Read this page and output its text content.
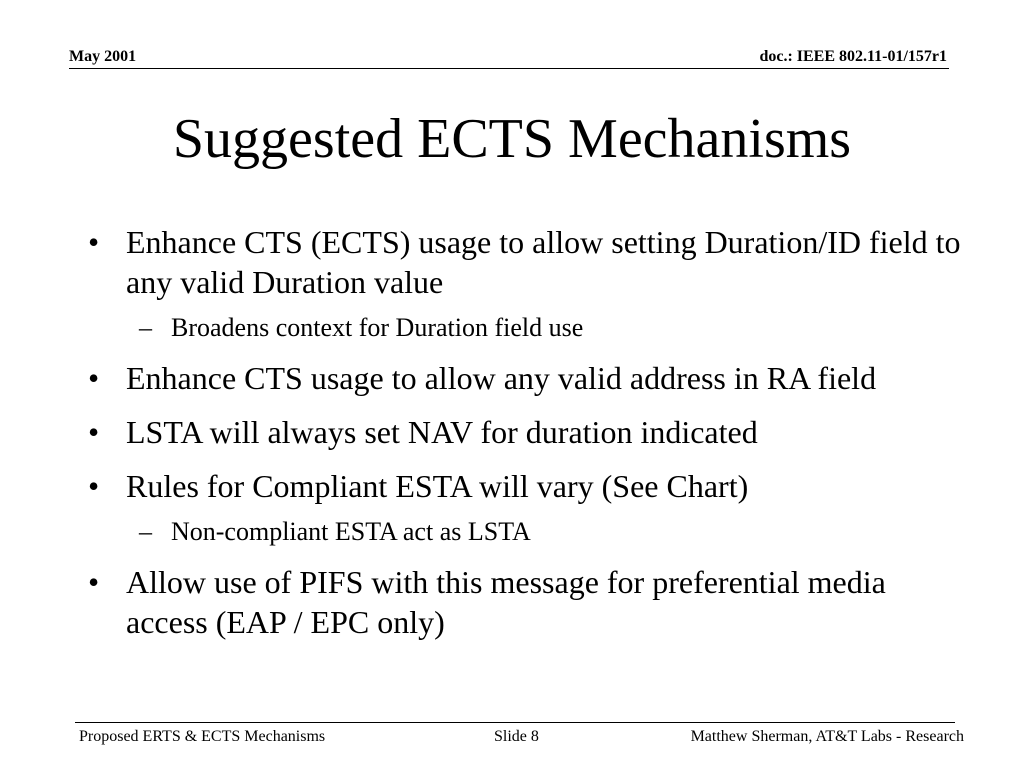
May 2001	doc.: IEEE 802.11-01/157r1
Suggested ECTS Mechanisms
• Enhance CTS (ECTS) usage to allow setting Duration/ID field to any valid Duration value
– Broadens context for Duration field use
• Enhance CTS usage to allow any valid address in RA field
• LSTA will always set NAV for duration indicated
• Rules for Compliant ESTA will vary (See Chart)
– Non-compliant ESTA act as LSTA
• Allow use of PIFS with this message for preferential media access (EAP / EPC only)
Proposed ERTS & ECTS Mechanisms	Slide 8	Matthew Sherman, AT&T Labs - Research
